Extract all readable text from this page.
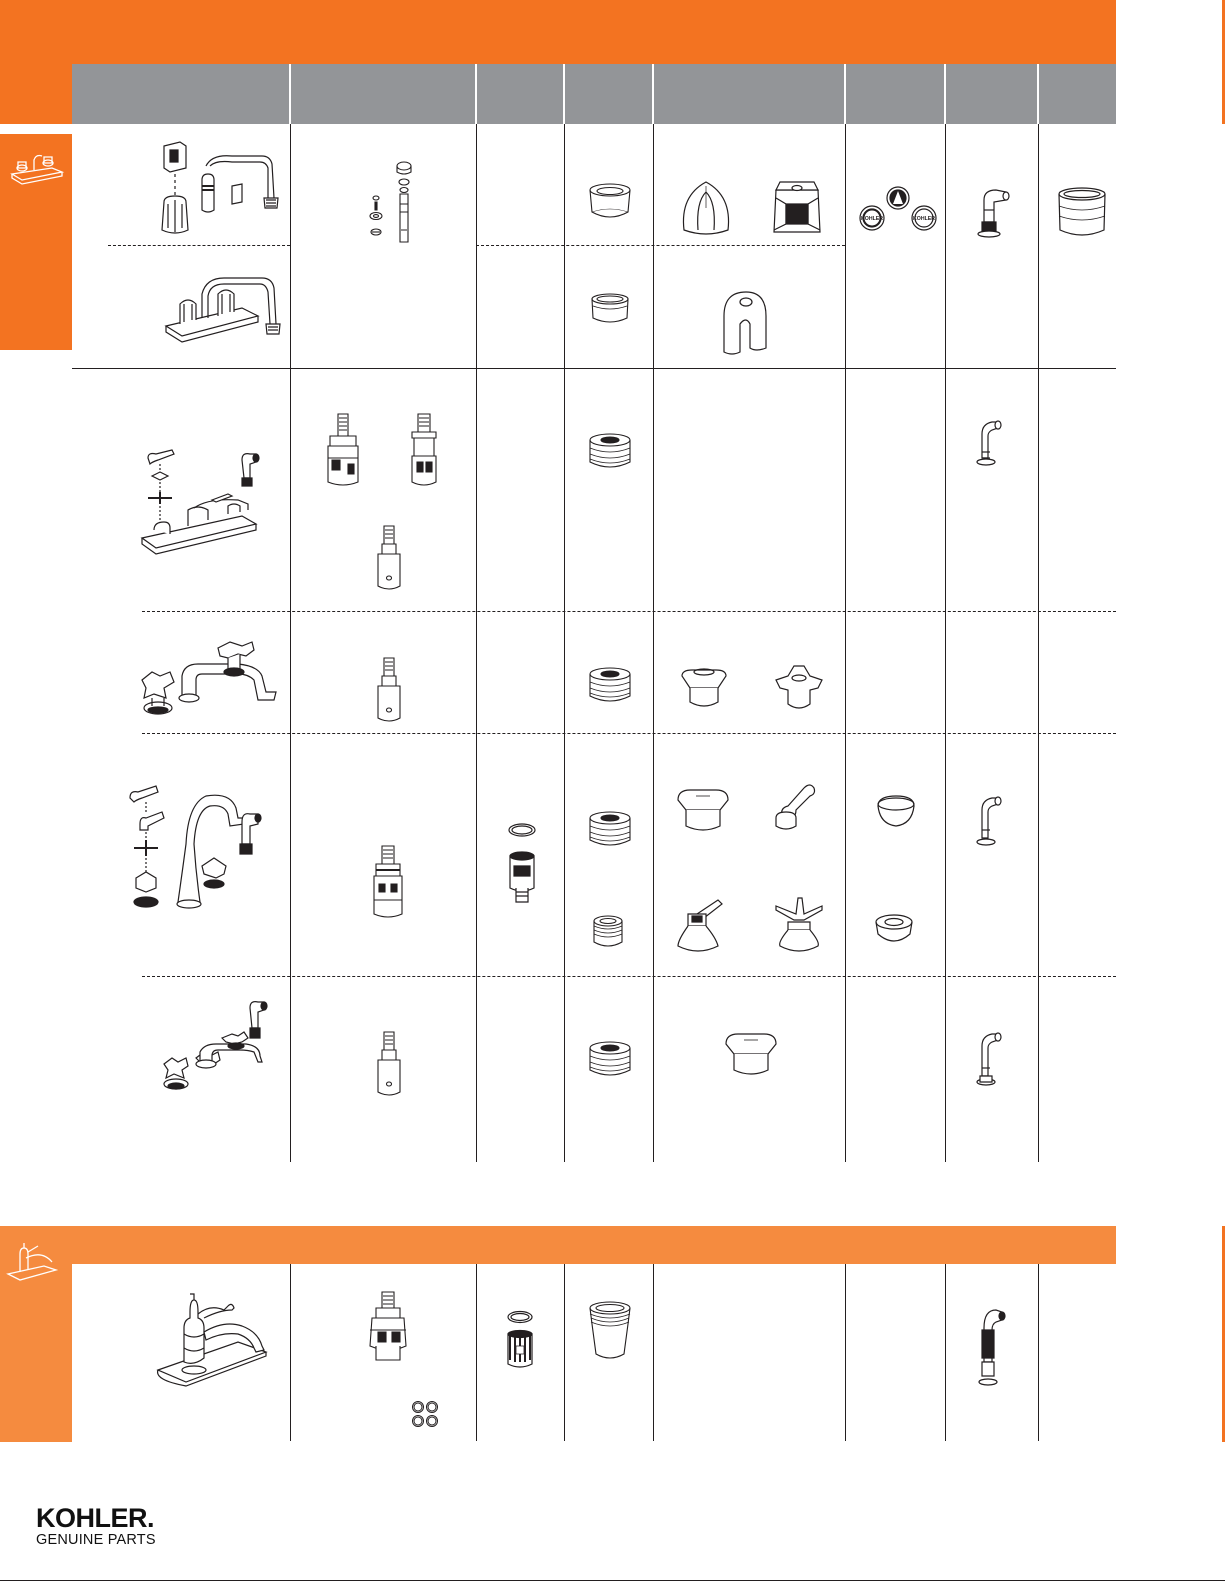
KOHLER	KOHLER
KOHLER.
GENUINE PARTS
